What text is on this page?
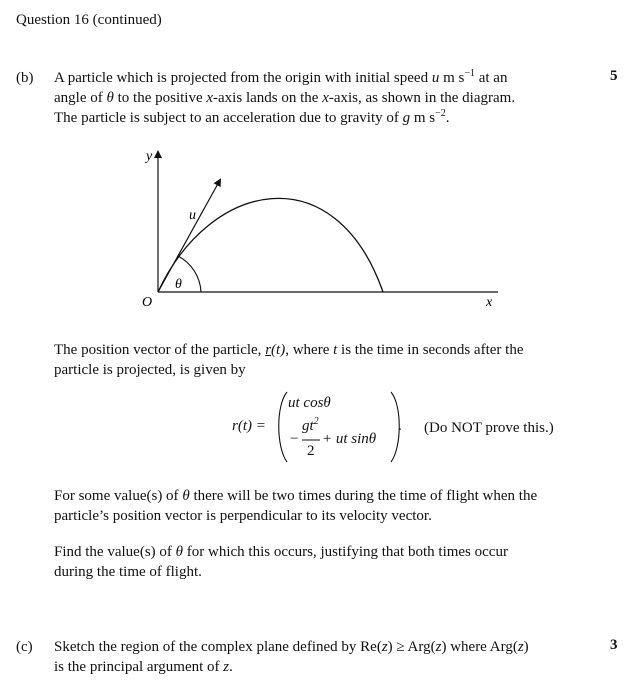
Question 16 (continued)
(b)	5
A particle which is projected from the origin with initial speed u m $s^{-1}$ at an
angle of θ to the positive x-axis lands on the x-axis, as shown in the diagram.
The particle is subject to an acceleration due to gravity of g m $s^{-2}$.
y
x
O
u
θ
The position vector of the particle, r(t), where t is the time in seconds after the
particle is projected, is given by
r(t) =
ut cosθ
−
$gt^2$
2
+ ut sinθ
. (Do NOT prove this.)
For some value(s) of θ there will be two times during the time of flight when the
particle’s position vector is perpendicular to its velocity vector.
Find the value(s) of θ for which this occurs, justifying that both times occur
during the time of flight.
(c)	3
Sketch the region of the complex plane defined by Re(z) ≥ Arg(z) where Arg(z)
is the principal argument of z.
